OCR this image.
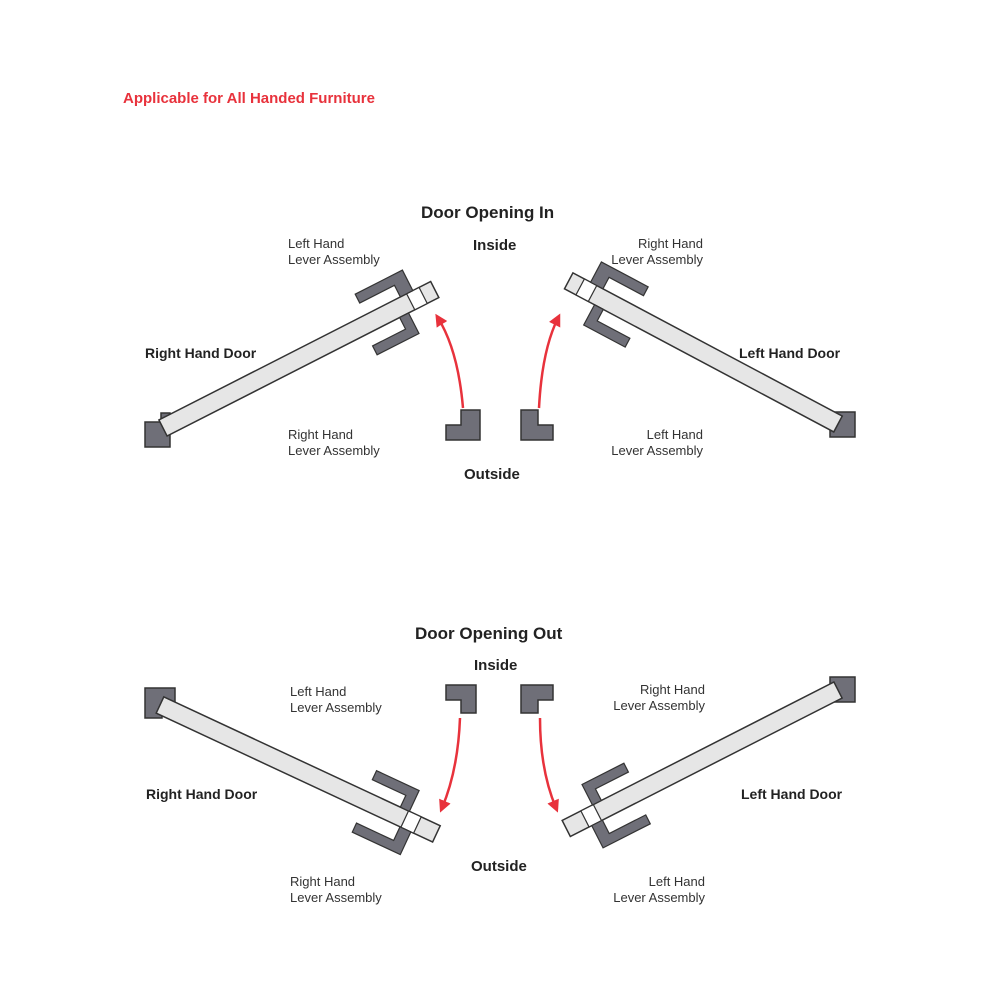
Applicable for All Handed Furniture
Door Opening In
Inside
Outside
Right Hand Door	Left Hand Door
Left Hand
Lever Assembly
Right Hand
Lever Assembly
Right Hand
Lever Assembly
Left Hand
Lever Assembly
Door Opening Out
Inside
Outside
Right Hand Door	Left Hand Door
Left Hand
Lever Assembly
Right Hand
Lever Assembly
Right Hand
Lever Assembly
Left Hand
Lever Assembly
